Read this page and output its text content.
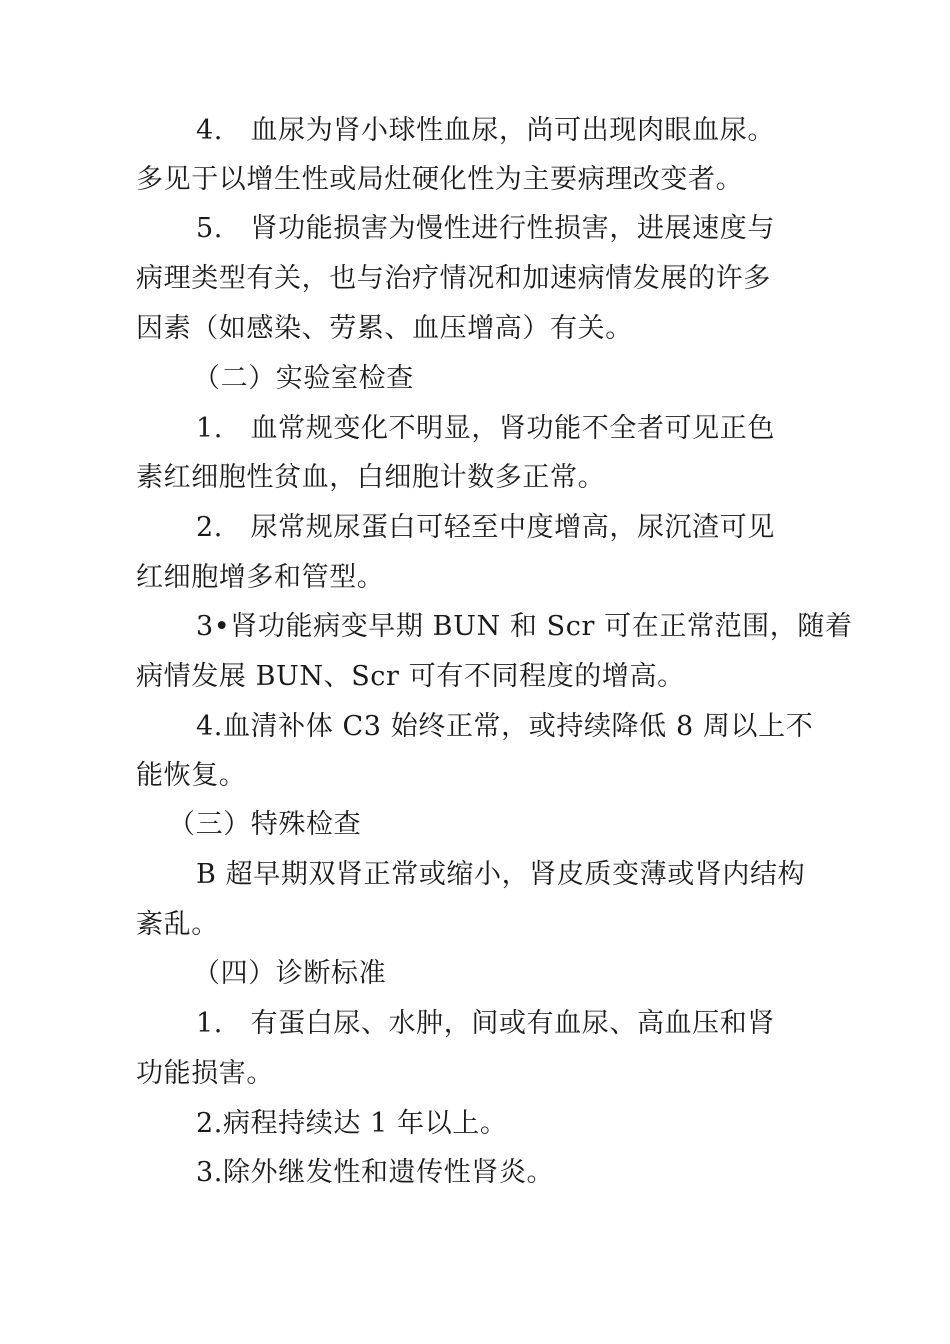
4.　血尿为肾小球性血尿，尚可出现肉眼血尿。
多见于以增生性或局灶硬化性为主要病理改变者。
5.　肾功能损害为慢性进行性损害，进展速度与
病理类型有关，也与治疗情况和加速病情发展的许多
因素（如感染、劳累、血压增高）有关。
（二）实验室检查
1.　血常规变化不明显，肾功能不全者可见正色
素红细胞性贫血，白细胞计数多正常。
2.　尿常规尿蛋白可轻至中度增高，尿沉渣可见
红细胞增多和管型。
3•肾功能病变早期 BUN 和 Scr 可在正常范围，随着
病情发展 BUN、Scr 可有不同程度的增高。
4.血清补体 C3 始终正常，或持续降低 8 周以上不
能恢复。
（三）特殊检查
B 超早期双肾正常或缩小，肾皮质变薄或肾内结构
紊乱。
（四）诊断标准
1.　有蛋白尿、水肿，间或有血尿、高血压和肾
功能损害。
2.病程持续达 1 年以上。
3.除外继发性和遗传性肾炎。
